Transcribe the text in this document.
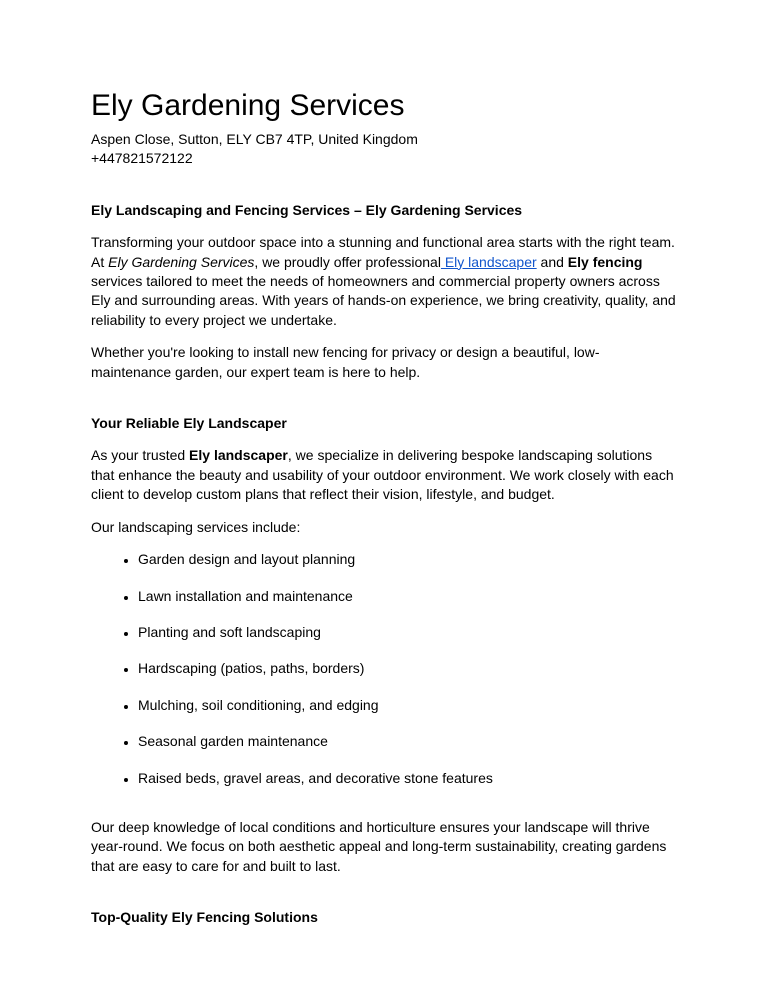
Ely Gardening Services

Aspen Close, Sutton, ELY CB7 4TP, United Kingdom

+447821572122

Ely Landscaping and Fencing Services – Ely Gardening Services

Transforming your outdoor space into a stunning and functional area starts with the right team. At Ely Gardening Services, we proudly offer professional Ely landscaper and Ely fencing services tailored to meet the needs of homeowners and commercial property owners across Ely and surrounding areas. With years of hands-on experience, we bring creativity, quality, and reliability to every project we undertake.

Whether you're looking to install new fencing for privacy or design a beautiful, low-maintenance garden, our expert team is here to help.

Your Reliable Ely Landscaper

As your trusted Ely landscaper, we specialize in delivering bespoke landscaping solutions that enhance the beauty and usability of your outdoor environment. We work closely with each client to develop custom plans that reflect their vision, lifestyle, and budget.

Our landscaping services include:

• Garden design and layout planning
• Lawn installation and maintenance
• Planting and soft landscaping
• Hardscaping (patios, paths, borders)
• Mulching, soil conditioning, and edging
• Seasonal garden maintenance
• Raised beds, gravel areas, and decorative stone features

Our deep knowledge of local conditions and horticulture ensures your landscape will thrive year-round. We focus on both aesthetic appeal and long-term sustainability, creating gardens that are easy to care for and built to last.

Top-Quality Ely Fencing Solutions
